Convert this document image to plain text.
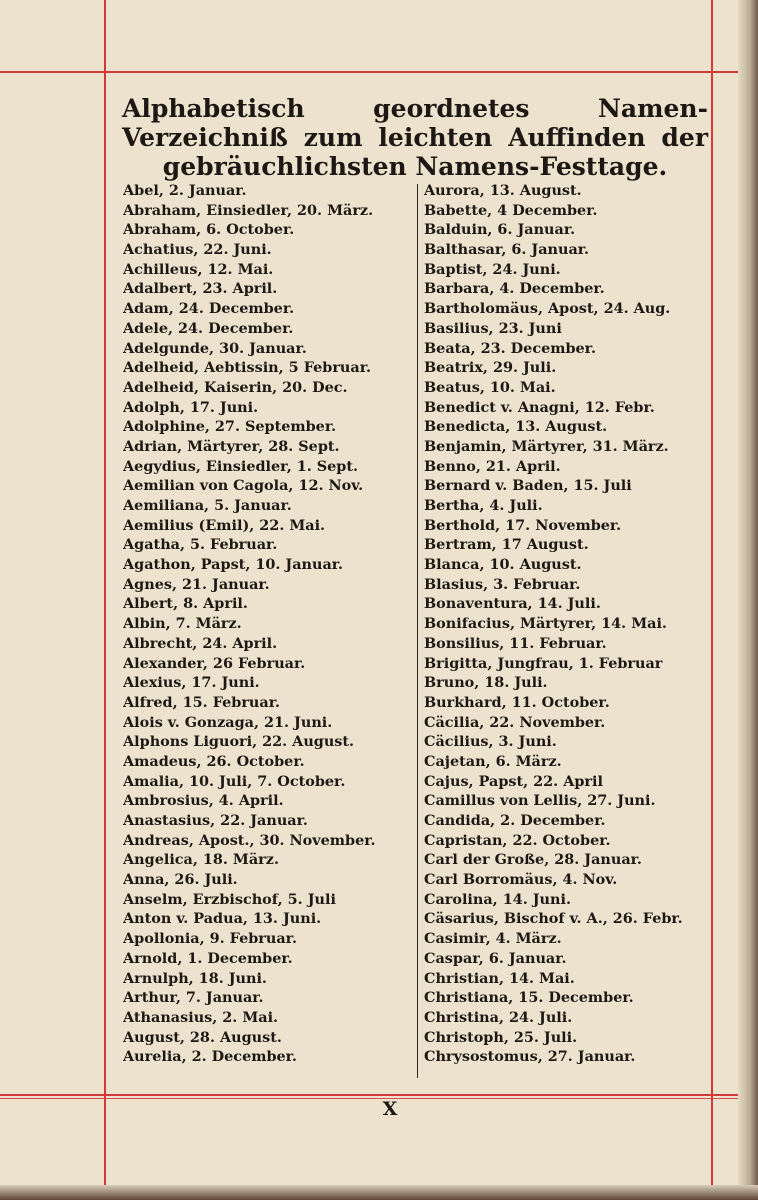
Alphabetisch geordnetes Namen-Verzeichniß zum leichten Auffinden der gebräuchlichsten Namens-Festtage.
Abel, 2. Januar.
Abraham, Einsiedler, 20. März.
Abraham, 6. October.
Achatius, 22. Juni.
Achilleus, 12. Mai.
Adalbert, 23. April.
Adam, 24. December.
Adele, 24. December.
Adelgunde, 30. Januar.
Adelheid, Aebtissin, 5 Februar.
Adelheid, Kaiserin, 20. Dec.
Adolph, 17. Juni.
Adolphine, 27. September.
Adrian, Märtyrer, 28. Sept.
Aegydius, Einsiedler, 1. Sept.
Aemilian von Cagola, 12. Nov.
Aemiliana, 5. Januar.
Aemilius (Emil), 22. Mai.
Agatha, 5. Februar.
Agathon, Papst, 10. Januar.
Agnes, 21. Januar.
Albert, 8. April.
Albin, 7. März.
Albrecht, 24. April.
Alexander, 26 Februar.
Alexius, 17. Juni.
Alfred, 15. Februar.
Alois v. Gonzaga, 21. Juni.
Alphons Liguori, 22. August.
Amadeus, 26. October.
Amalia, 10. Juli, 7. October.
Ambrosius, 4. April.
Anastasius, 22. Januar.
Andreas, Apost., 30. November.
Angelica, 18. März.
Anna, 26. Juli.
Anselm, Erzbischof, 5. Juli
Anton v. Padua, 13. Juni.
Apollonia, 9. Februar.
Arnold, 1. December.
Arnulph, 18. Juni.
Arthur, 7. Januar.
Athanasius, 2. Mai.
August, 28. August.
Aurelia, 2. December.
Aurora, 13. August.
Babette, 4 December.
Balduin, 6. Januar.
Balthasar, 6. Januar.
Baptist, 24. Juni.
Barbara, 4. December.
Bartholomäus, Apost, 24. Aug.
Basilius, 23. Juni
Beata, 23. December.
Beatrix, 29. Juli.
Beatus, 10. Mai.
Benedict v. Anagni, 12. Febr.
Benedicta, 13. August.
Benjamin, Märtyrer, 31. März.
Benno, 21. April.
Bernard v. Baden, 15. Juli
Bertha, 4. Juli.
Berthold, 17. November.
Bertram, 17 August.
Blanca, 10. August.
Blasius, 3. Februar.
Bonaventura, 14. Juli.
Bonifacius, Märtyrer, 14. Mai.
Bonsilius, 11. Februar.
Brigitta, Jungfrau, 1. Februar
Bruno, 18. Juli.
Burkhard, 11. October.
Cäcilia, 22. November.
Cäcilius, 3. Juni.
Cajetan, 6. März.
Cajus, Papst, 22. April
Camillus von Lellis, 27. Juni.
Candida, 2. December.
Capristan, 22. October.
Carl der Große, 28. Januar.
Carl Borromäus, 4. Nov.
Carolina, 14. Juni.
Cäsarius, Bischof v. A., 26. Febr.
Casimir, 4. März.
Caspar, 6. Januar.
Christian, 14. Mai.
Christiana, 15. December.
Christina, 24. Juli.
Christoph, 25. Juli.
Chrysostomus, 27. Januar.
X
